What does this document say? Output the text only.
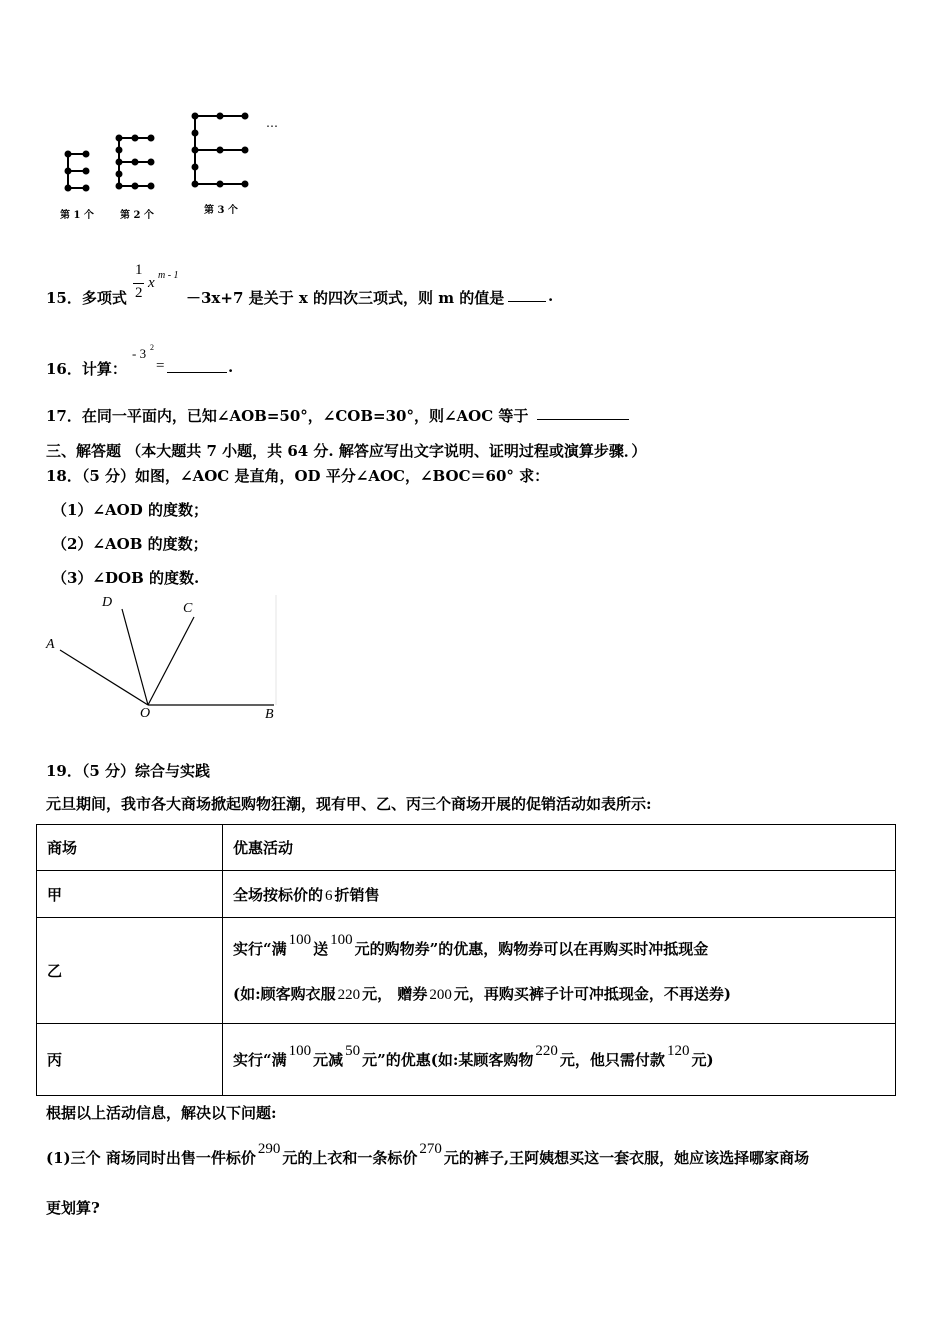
…
第 1 个	第 2 个	第 3 个
15．多项式
1
2
x m - 1
－3x+7 是关于 x 的四次三项式，则 m 的值是	.
16．计算：
- 3 2
=	.
17．在同一平面内，已知∠AOB=50°，∠COB=30°，则∠AOC 等于
三、解答题 （本大题共 7 小题，共 64 分. 解答应写出文字说明、证明过程或演算步骤．）
18．（5 分）如图，∠AOC 是直角，OD 平分∠AOC，∠BOC＝60° 求：
（1）∠AOD 的度数；
（2）∠AOB 的度数；
（3）∠DOB 的度数.
D	C
A
O	B
19．（5 分）综合与实践
元旦期间，我市各大商场掀起购物狂潮，现有甲、乙、丙三个商场开展的促销活动如表所示:
商场	优惠活动
甲	全场按标价的 6 折销售
乙	实行“满 100 送 100 元的购物券”的优惠，购物券可以在再购买时冲抵现金
(如:顾客购衣服 220 元， 赠券 200 元，再购买裤子计可冲抵现金，不再送券)

丙	实行“满 100 元减 50 元”的优惠(如:某顾客购物 220 元，他只需付款 120 元)
根据以上活动信息，解决以下问题:
(1)三个 商场同时出售一件标价 290 元的上衣和一条标价 270 元的裤子,王阿姨想买这一套衣服，她应该选择哪家商场
更划算?
